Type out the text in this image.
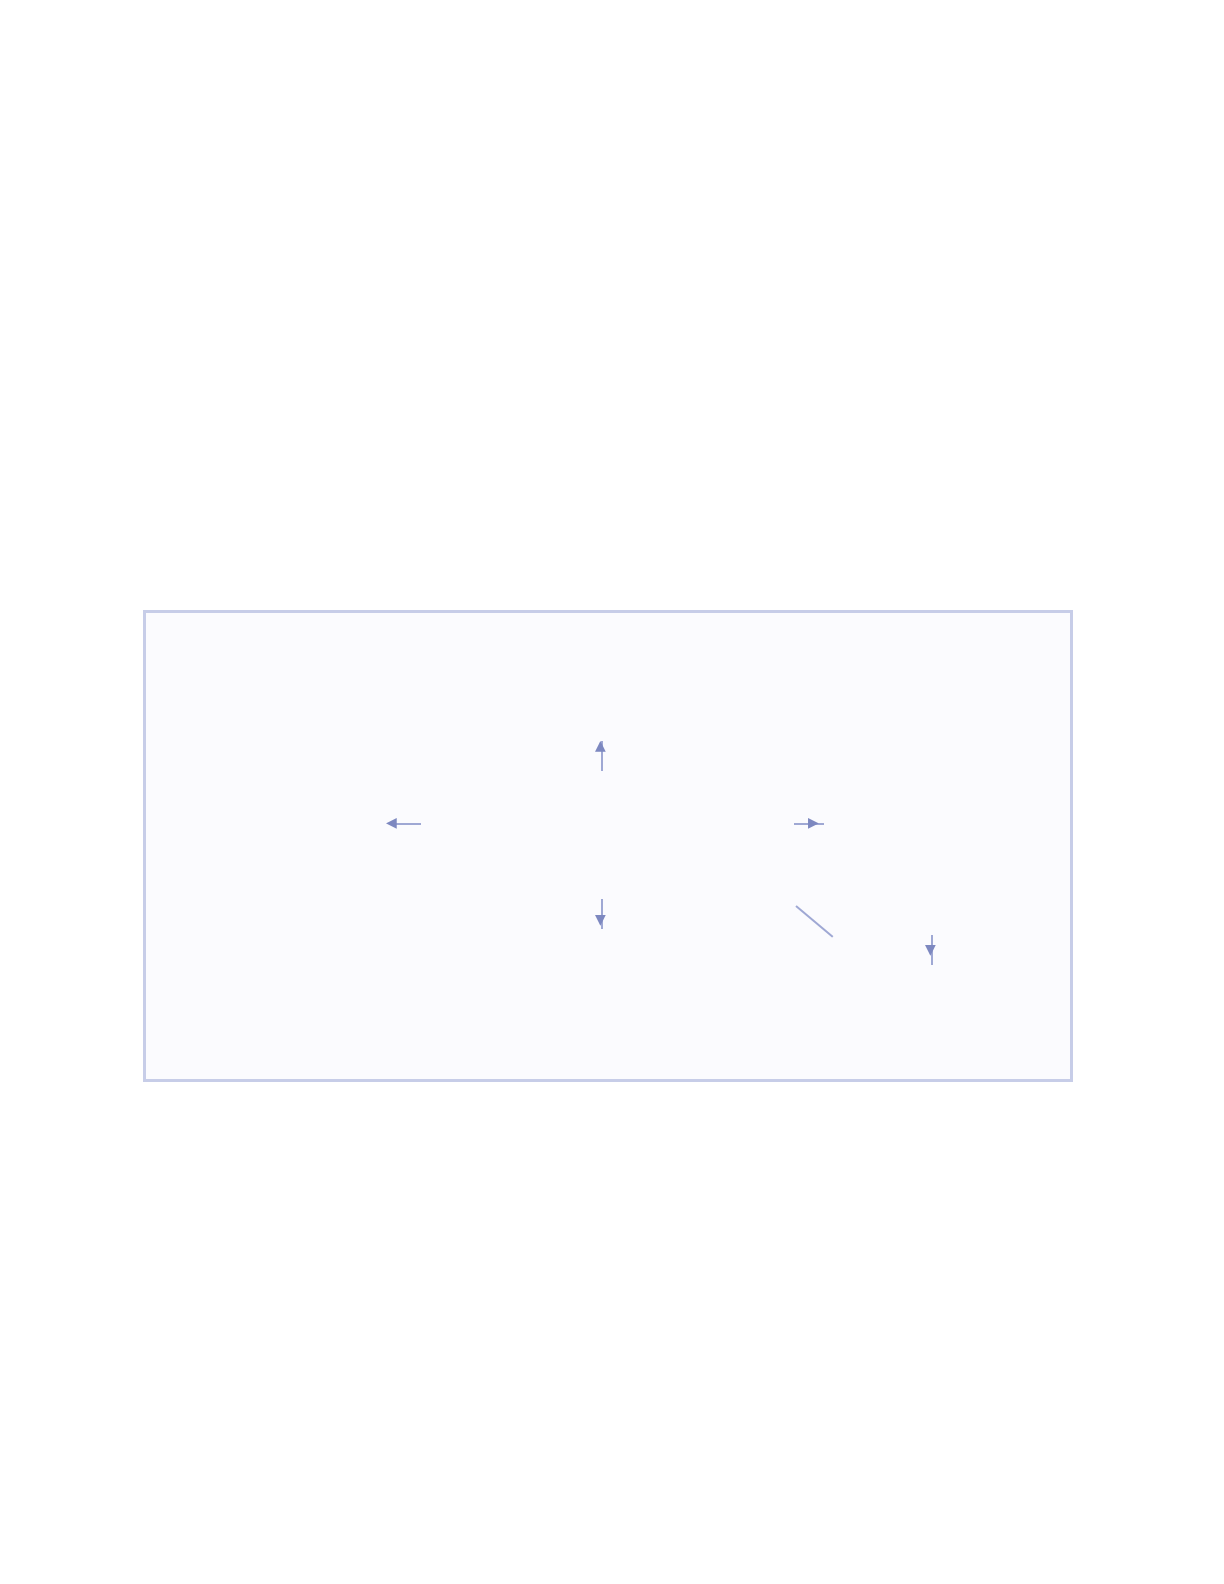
▲
▼
◀	▶
▼
